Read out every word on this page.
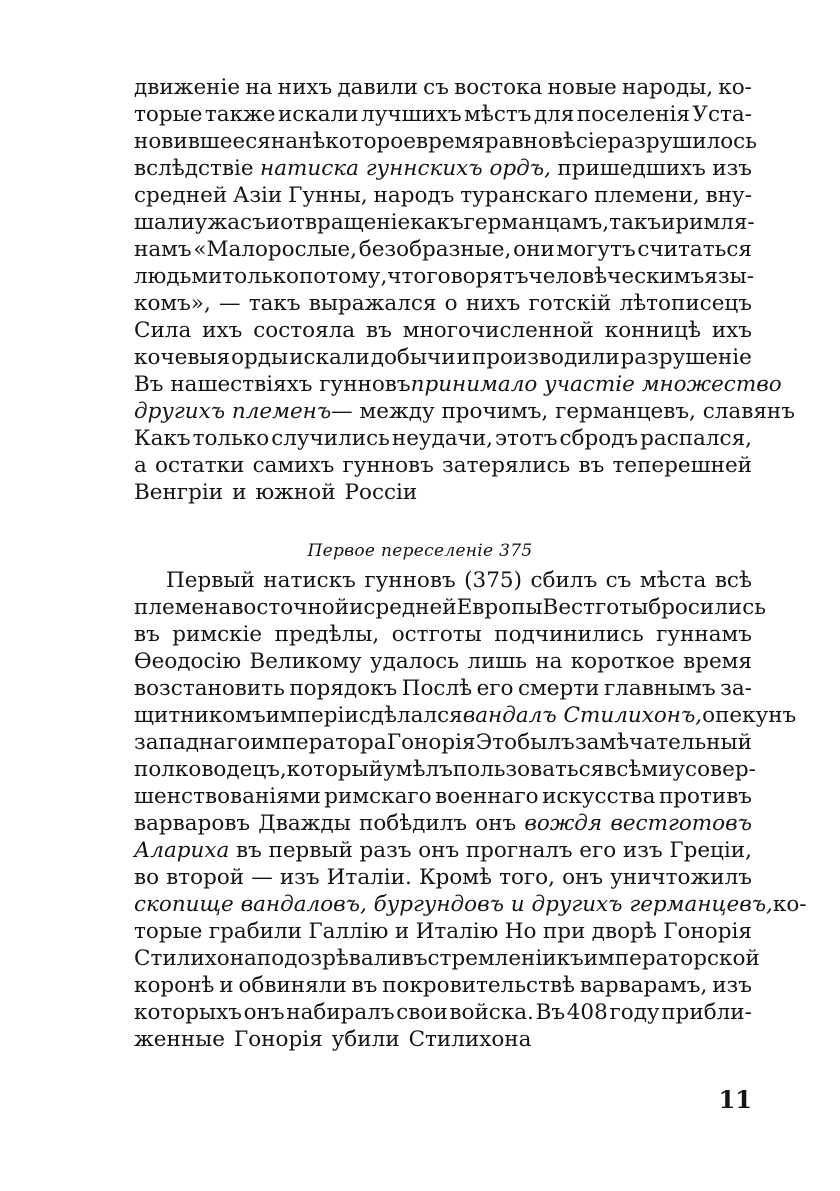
движенiе на нихъ давили съ востока новые народы, ко-
торые также искали лучшихъ мѣстъ для поселенiя Уста-
новившееся на нѣкоторое время равновѣсiе разрушилось
вслѣдствiе натиска гуннскихъ ордъ, пришедшихъ изъ
средней Азiи Гунны, народъ туранскаго племени, вну-
шали ужасъ и отвращенiе какъ германцамъ, такъ и римля-
намъ «Малорослые, безобразные, они могутъ считаться
людьми только потому, что говорятъ человѣческимъ язы-
комъ», — такъ выражался о нихъ готскiй лѣтописецъ
Сила ихъ состояла въ многочисленной конницѣ ихъ
кочевыя орды искали добычи и производили разрушенiе
Въ нашествiяхъ гунновъ принимало участiе множество
другихъ племенъ — между прочимъ, германцевъ, славянъ
Какъ только случились неудачи, этотъ сбродъ распался,
а остатки самихъ гунновъ затерялись въ теперешней
Венгрiи и южной Россiи
Первое переселенiе 375
Первый натискъ гунновъ (375) сбилъ съ мѣста всѣ
племена восточной и средней Европы Вестготы бросились
въ римскiе предѣлы, остготы подчинились гуннамъ
Ѳеодосiю Великому удалось лишь на короткое время
возстановить порядокъ Послѣ его смерти главнымъ за-
щитникомъ имперiи сдѣлался вандалъ Стилихонъ, опекунъ
западнаго императора Гонорiя Это былъ замѣчательный
полководецъ, который умѣлъ пользоваться всѣми усовер-
шенствованiями римскаго военнаго искусства противъ
варваровъ Дважды побѣдилъ онъ вождя вестготовъ
Алариха въ первый разъ онъ прогналъ его изъ Грецiи,
во второй — изъ Италiи. Кромѣ того, онъ уничтожилъ
скопище вандаловъ, бургундовъ и другихъ германцевъ, ко-
торые грабили Галлiю и Италiю Но при дворѣ Гонорiя
Стилихона подозрѣвали въ стремленiи къ императорской
коронѣ и обвиняли въ покровительствѣ варварамъ, изъ
которыхъ онъ набиралъ свои войска. Въ 408 году прибли-
женные Гонорiя убили Стилихона
11
